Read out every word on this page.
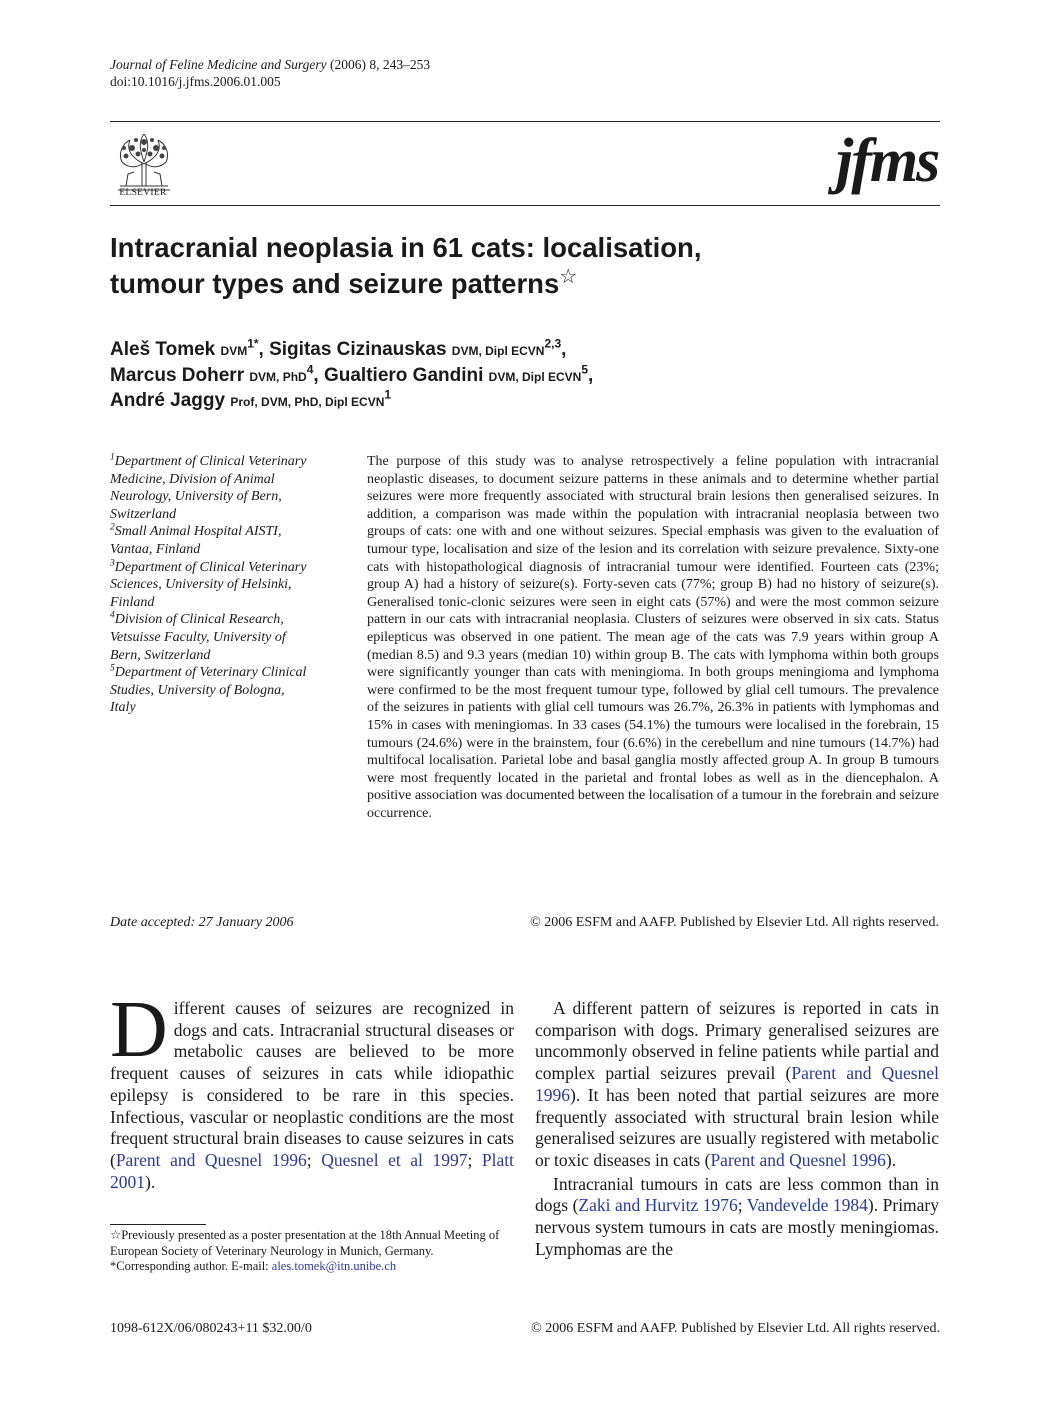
Journal of Feline Medicine and Surgery (2006) 8, 243–253
doi:10.1016/j.jfms.2006.01.005
ELSEVIER	jfms
Intracranial neoplasia in 61 cats: localisation,
tumour types and seizure patterns☆
Aleš Tomek $DVM^{1*}$, Sigitas Cizinauskas DVM, Dipl ECVN$^{2,3}$,
Marcus Doherr DVM, PhD$^4$, Gualtiero Gandini DVM, Dipl ECVN$^5$,
André Jaggy Prof, DVM, PhD, Dipl ECVN$^1$
$^1$Department of Clinical Veterinary
Medicine, Division of Animal
Neurology, University of Bern,
Switzerland
$^2$Small Animal Hospital AISTI,
Vantaa, Finland
$^3$Department of Clinical Veterinary
Sciences, University of Helsinki,
Finland
$^4$Division of Clinical Research,
Vetsuisse Faculty, University of
Bern, Switzerland
$^5$Department of Veterinary Clinical
Studies, University of Bologna,
Italy
Date accepted: 27 January 2006
The purpose of this study was to analyse retrospectively a feline population with intracranial neoplastic diseases, to document seizure patterns in these animals and to determine whether partial seizures were more frequently associated with structural brain lesions then generalised seizures. In addition, a comparison was made within the population with intracranial neoplasia between two groups of cats: one with and one without seizures. Special emphasis was given to the evaluation of tumour type, localisation and size of the lesion and its correlation with seizure prevalence. Sixty-one cats with histopathological diagnosis of intracranial tumour were identified. Fourteen cats (23%; group A) had a history of seizure(s). Forty-seven cats (77%; group B) had no history of seizure(s). Generalised tonic-clonic seizures were seen in eight cats (57%) and were the most common seizure pattern in our cats with intracranial neoplasia. Clusters of seizures were observed in six cats. Status epilepticus was observed in one patient. The mean age of the cats was 7.9 years within group A (median 8.5) and 9.3 years (median 10) within group B. The cats with lymphoma within both groups were significantly younger than cats with meningioma. In both groups meningioma and lymphoma were confirmed to be the most frequent tumour type, followed by glial cell tumours. The prevalence of the seizures in patients with glial cell tumours was 26.7%, 26.3% in patients with lymphomas and 15% in cases with meningiomas. In 33 cases (54.1%) the tumours were localised in the forebrain, 15 tumours (24.6%) were in the brainstem, four (6.6%) in the cerebellum and nine tumours (14.7%) had multifocal localisation. Parietal lobe and basal ganglia mostly affected group A. In group B tumours were most frequently located in the parietal and frontal lobes as well as in the diencephalon. A positive association was documented between the localisation of a tumour in the forebrain and seizure occurrence.
© 2006 ESFM and AAFP. Published by Elsevier Ltd. All rights reserved.

Different causes of seizures are recognized in dogs and cats. Intracranial structural diseases or metabolic causes are believed to be more frequent causes of seizures in cats while idiopathic epilepsy is considered to be rare in this species. Infectious, vascular or neoplastic conditions are the most frequent structural brain diseases to cause seizures in cats (Parent and Quesnel 1996; Quesnel et al 1997; Platt 2001).

A different pattern of seizures is reported in cats in comparison with dogs. Primary generalised seizures are uncommonly observed in feline patients while partial and complex partial seizures prevail (Parent and Quesnel 1996). It has been noted that partial seizures are more frequently associated with structural brain lesion while generalised seizures are usually registered with metabolic or toxic diseases in cats (Parent and Quesnel 1996).

Intracranial tumours in cats are less common than in dogs (Zaki and Hurvitz 1976; Vandevelde 1984). Primary nervous system tumours in cats are mostly meningiomas. Lymphomas are the

☆Previously presented as a poster presentation at the 18th Annual Meeting of European Society of Veterinary Neurology in Munich, Germany.
*Corresponding author. E-mail: ales.tomek@itn.unibe.ch
1098-612X/06/080243+11 $32.00/0	© 2006 ESFM and AAFP. Published by Elsevier Ltd. All rights reserved.
